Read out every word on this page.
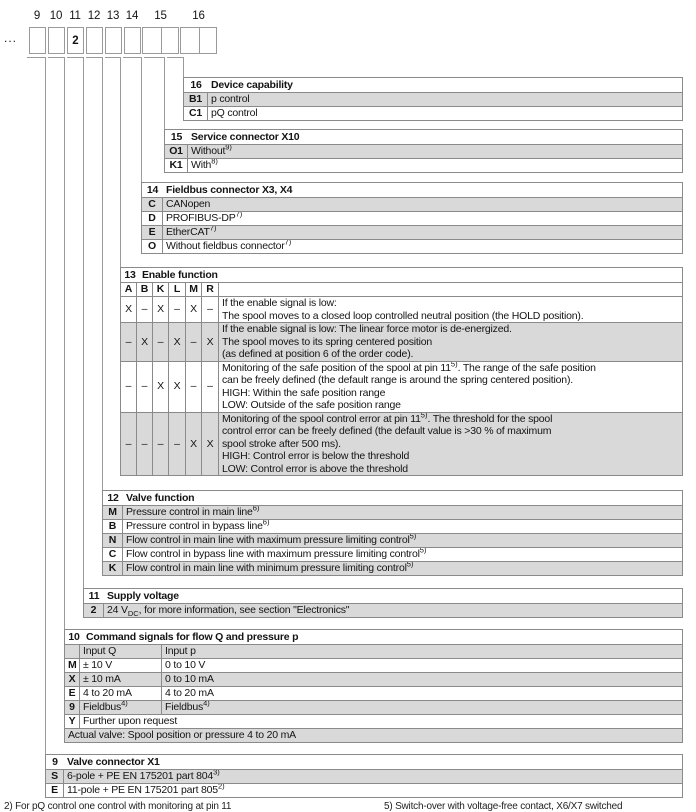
...
9 10 11 12 13 14	15	16
2
16 Device capability	
B1	p control
C1	pQ control
15 Service connector X10	
O1	Without$^{9)}$
K1	With$^{8)}$
14 Fieldbus connector X3, X4	
C	CANopen
D	PROFIBUS-DP$^{7)}$
E	EtherCAT$^{7)}$
O	Without fieldbus connector$^{7)}$
13 Enable function						
A	B	K	L	M	R	
X	–	X	–	X	–	If the enable signal is low:
The spool moves to a closed loop controlled neutral position (the HOLD position).

–	X	–	X	–	X	If the enable signal is low: The linear force motor is de-energized.
The spool moves to its spring centered position
(as defined at position 6 of the order code).

–	–	X	X	–	–	Monitoring of the safe position of the spool at pin 11$^{5)}$. The range of the safe position
can be freely defined (the default range is around the spring centered position).
HIGH: Within the safe position range
LOW: Outside of the safe position range

–	–	–	–	X	X	Monitoring of the spool control error at pin 11$^{5)}$. The threshold for the spool
control error can be freely defined (the default value is >30 % of maximum
spool stroke after 500 ms).
HIGH: Control error is below the threshold
LOW: Control error is above the threshold
12 Valve function	
M	Pressure control in main line$^{6)}$
B	Pressure control in bypass line$^{6)}$
N	Flow control in main line with maximum pressure limiting control$^{5)}$
C	Flow control in bypass line with maximum pressure limiting control$^{5)}$
K	Flow control in main line with minimum pressure limiting control$^{5)}$
11 Supply voltage
2	24 $V_{DC}$, for more information, see section "Electronics"
10 Command signals for flow Q and pressure p		
	Input Q	Input p
M	± 10 V	0 to 10 V
X	± 10 mA	0 to 10 mA
E	4 to 20 mA	4 to 20 mA
9	Fieldbus$^{4)}$	Fieldbus$^{4)}$
Y	Further upon request	
Actual valve: Spool position or pressure 4 to 20 mA		
9 Valve connector X1	
S	6-pole + PE EN 175201 part 804$^{3)}$
E	11-pole + PE EN 175201 part 805$^{2)}$
2) For pQ control one control with monitoring at pin 11	5) Switch-over with voltage-free contact, X6/X7 switched
